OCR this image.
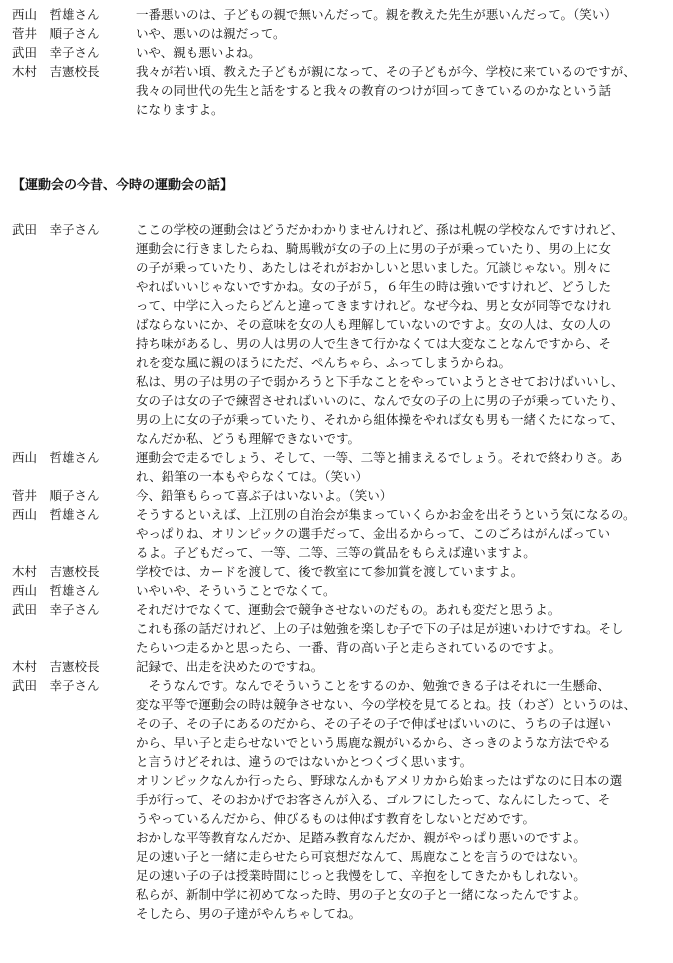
西山　哲雄さん	一番悪いのは、子どもの親で無いんだって。親を教えた先生が悪いんだって。（笑い）
菅井　順子さん	いや、悪いのは親だって。
武田　幸子さん	いや、親も悪いよね。
木村　吉憲校長	我々が若い頃、教えた子どもが親になって、その子どもが今、学校に来ているのですが、
我々の同世代の先生と話をすると我々の教育のつけが回ってきているのかなという話
になりますよ。
【運動会の今昔、今時の運動会の話】
武田　幸子さん	ここの学校の運動会はどうだかわかりませんけれど、孫は札幌の学校なんですけれど、
運動会に行きましたらね、騎馬戦が女の子の上に男の子が乗っていたり、男の上に女
の子が乗っていたり、あたしはそれがおかしいと思いました。冗談じゃない。別々に
やればいいじゃないですかね。女の子が５，６年生の時は強いですけれど、どうした
って、中学に入ったらどんと違ってきますけれど。なぜ今ね、男と女が同等でなけれ
ばならないにか、その意味を女の人も理解していないのですよ。女の人は、女の人の
持ち味があるし、男の人は男の人で生きて行かなくては大変なことなんですから、そ
れを変な風に親のほうにただ、ぺんちゃら、ふってしまうからね。
私は、男の子は男の子で弱かろうと下手なことをやっていようとさせておけばいいし、
女の子は女の子で練習させればいいのに、なんで女の子の上に男の子が乗っていたり、
男の上に女の子が乗っていたり、それから組体操をやれば女も男も一緒くたになって、
なんだか私、どうも理解できないです。
西山　哲雄さん	運動会で走るでしょう、そして、一等、二等と捕まえるでしょう。それで終わりさ。あ
れ、鉛筆の一本もやらなくては。（笑い）
菅井　順子さん	今、鉛筆もらって喜ぶ子はいないよ。（笑い）
西山　哲雄さん	そうするといえば、上江別の自治会が集まっていくらかお金を出そうという気になるの。
やっぱりね、オリンピックの選手だって、金出るからって、このごろはがんばってい
るよ。子どもだって、一等、二等、三等の賞品をもらえば違いますよ。
木村　吉憲校長	学校では、カードを渡して、後で教室にて参加賞を渡していますよ。
西山　哲雄さん	いやいや、そういうことでなくて。
武田　幸子さん	それだけでなくて、運動会で競争させないのだもの。あれも変だと思うよ。
これも孫の話だけれど、上の子は勉強を楽しむ子で下の子は足が速いわけですね。そし
たらいつ走るかと思ったら、一番、背の高い子と走らされているのですよ。
木村　吉憲校長	記録で、出走を決めたのですね。
武田　幸子さん	　そうなんです。なんでそういうことをするのか、勉強できる子はそれに一生懸命、
変な平等で運動会の時は競争させない、今の学校を見てるとね。技（わざ）というのは、
その子、その子にあるのだから、その子その子で伸ばせばいいのに、うちの子は遅い
から、早い子と走らせないでという馬鹿な親がいるから、さっきのような方法でやる
と言うけどそれは、違うのではないかとつくづく思います。
オリンピックなんか行ったら、野球なんかもアメリカから始まったはずなのに日本の選
手が行って、そのおかげでお客さんが入る、ゴルフにしたって、なんにしたって、そ
うやっているんだから、伸びるものは伸ばす教育をしないとだめです。
おかしな平等教育なんだか、足踏み教育なんだか、親がやっぱり悪いのですよ。
足の速い子と一緒に走らせたら可哀想だなんて、馬鹿なことを言うのではない。
足の速い子の子は授業時間にじっと我慢をして、辛抱をしてきたかもしれない。
私らが、新制中学に初めてなった時、男の子と女の子と一緒になったんですよ。
そしたら、男の子達がやんちゃしてね。
